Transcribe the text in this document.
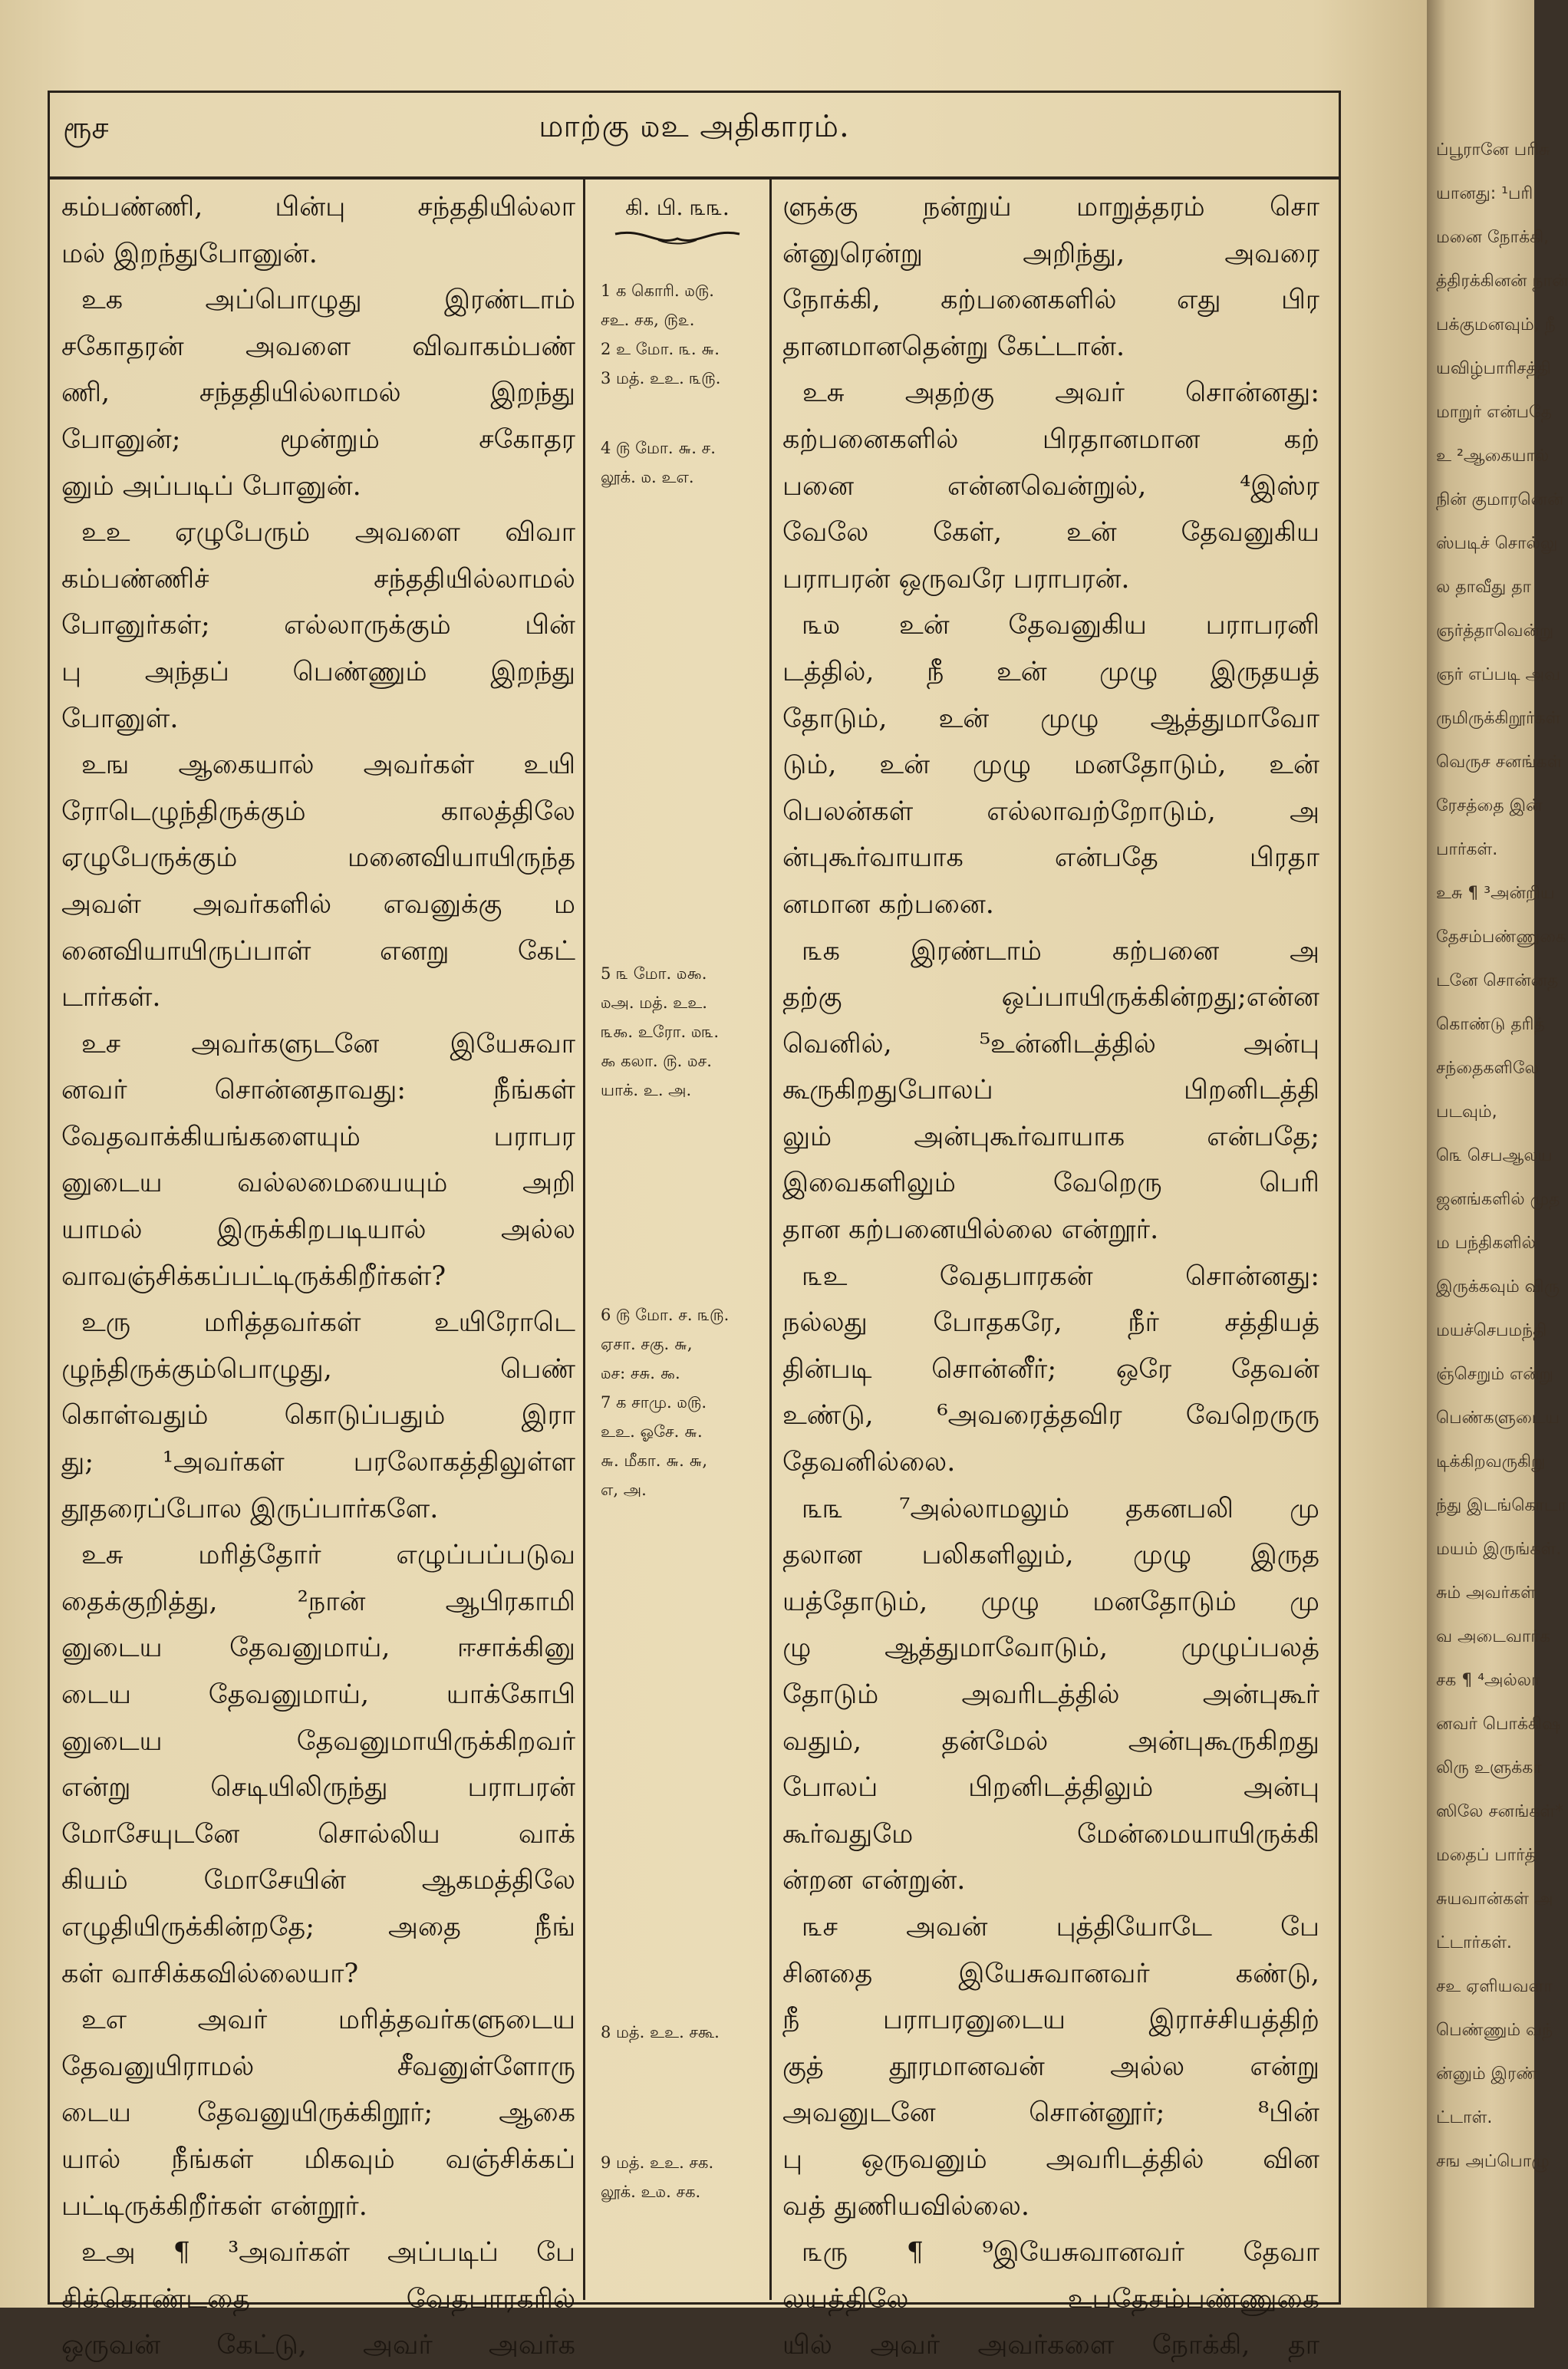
ரூச	மாற்கு ௰உ அதிகாரம்.
கம்பண்ணி, பின்பு சந்ததியில்லா
மல் இறந்துபோனுன்.
உக அப்பொழுது இரண்டாம்
சகோதரன் அவளை விவாகம்பண்
ணி, சந்ததியில்லாமல் இறந்து
போனுன்; மூன்றும் சகோதர
னும் அப்படிப் போனுன்.
உஉ ஏழுபேரும் அவளை விவா
கம்பண்ணிச் சந்ததியில்லாமல்
போனுர்கள்; எல்லாருக்கும் பின்
பு அந்தப் பெண்ணும் இறந்து
போனுள்.
உங ஆகையால் அவர்கள் உயி
ரோடெழுந்திருக்கும் காலத்திலே
ஏழுபேருக்கும் மனைவியாயிருந்த
அவள் அவர்களில் எவனுக்கு ம
னைவியாயிருப்பாள் எனறு கேட்
டார்கள்.
உச அவர்களுடனே இயேசுவா
னவர் சொன்னதாவது: நீங்கள்
வேதவாக்கியங்களையும் பராபர
னுடைய வல்லமையையும் அறி
யாமல் இருக்கிறபடியால் அல்ல
வாவஞ்சிக்கப்பட்டிருக்கிறீர்கள்?
உரு மரித்தவர்கள் உயிரோடெ
ழுந்திருக்கும்பொழுது, பெண்
கொள்வதும் கொடுப்பதும் இரா
து; ¹அவர்கள் பரலோகத்திலுள்ள
தூதரைப்போல இருப்பார்களே.
உசு மரித்தோர் எழுப்பப்படுவ
தைக்குறித்து, ²நான் ஆபிரகாமி
னுடைய தேவனுமாய், ஈசாக்கினு
டைய தேவனுமாய், யாக்கோபி
னுடைய தேவனுமாயிருக்கிறவர்
என்று செடியிலிருந்து பராபரன்
மோசேயுடனே சொல்லிய வாக்
கியம் மோசேயின் ஆகமத்திலே
எழுதியிருக்கின்றதே; அதை நீங்
கள் வாசிக்கவில்லையா?
உஎ அவர் மரித்தவர்களுடைய
தேவனுயிராமல் சீவனுள்ளோரு
டைய தேவனுயிருக்கிறூர்; ஆகை
யால் நீங்கள் மிகவும் வஞ்சிக்கப்
பட்டிருக்கிறீர்கள் என்றூர்.
உஅ ¶ ³அவர்கள் அப்படிப் பே
சிக்கொண்டதை வேதபாரகரில்
ஒருவன் கேட்டு, அவர் அவர்க
கி. பி. ௩௩.
1 க கொரி. ௰௫.
சஉ. சக, ௫௨.
2 உ மோ. ௩. ௬.
3 மத். உஉ. ௩௫.
4 ௫ மோ. ௬. ச.
லூக். ௰. உஎ.
5 ௩ மோ. ௰௯.
௰அ. மத். உஉ.
௩௯. உரோ. ௰௩.
௯ கலா. ௫. ௰ச.
யாக். உ. அ.
6 ௫ மோ. ச. ௩௫.
ஏசா. சகு. ௬,
௰ச: சசு. ௯.
7 க சாமு. ௰௫.
உஉ. ஓசே. ௬.
௬. மீகா. ௬. ௬,
எ, அ.
8 மத். உஉ. சகூ.
9 மத். உஉ. சக.
லூக். உ௰. சக.
ளுக்கு நன்றுய் மாறுத்தரம் சொ
ன்னுரென்று அறிந்து, அவரை
நோக்கி, கற்பனைகளில் எது பிர
தானமானதென்று கேட்டான்.
உசு அதற்கு அவர் சொன்னது:
கற்பனைகளில் பிரதானமான கற்
பனை என்னவென்றுல், ⁴இஸ்ர
வேலே கேள், உன் தேவனுகிய
பராபரன் ஒருவரே பராபரன்.
௩௰ உன் தேவனுகிய பராபரனி
டத்தில், நீ உன் முழு இருதயத்
தோடும், உன் முழு ஆத்துமாவோ
டும், உன் முழு மனதோடும், உன்
பெலன்கள் எல்லாவற்றோடும், அ
ன்புகூர்வாயாக என்பதே பிரதா
னமான கற்பனை.
௩க இரண்டாம் கற்பனை அ
தற்கு ஒப்பாயிருக்கின்றது;என்ன
வெனில், ⁵உன்னிடத்தில் அன்பு
கூருகிறதுபோலப் பிறனிடத்தி
லும் அன்புகூர்வாயாக என்பதே;
இவைகளிலும் வேறெரு பெரி
தான கற்பனையில்லை என்றூர்.
௩உ வேதபாரகன் சொன்னது:
நல்லது போதகரே, நீர் சத்தியத்
தின்படி சொன்னீர்; ஒரே தேவன்
உண்டு, ⁶அவரைத்தவிர வேறெருரு
தேவனில்லை.
௩௩ ⁷அல்லாமலும் தகனபலி மு
தலான பலிகளிலும், முழு இருத
யத்தோடும், முழு மனதோடும் மு
ழு ஆத்துமாவோடும், முழுப்பலத்
தோடும் அவரிடத்தில் அன்புகூர்
வதும், தன்மேல் அன்புகூருகிறது
போலப் பிறனிடத்திலும் அன்பு
கூர்வதுமே மேன்மையாயிருக்கி
ன்றன என்றுன்.
௩ச அவன் புத்தியோடே பே
சினதை இயேசுவானவர் கண்டு,
நீ பராபரனுடைய இராச்சியத்திற்
குத் தூரமானவன் அல்ல என்று
அவனுடனே சொன்னூர்; ⁸பின்
பு ஒருவனும் அவரிடத்தில் வின
வத் துணியவில்லை.
௩ரு ¶ ⁹இயேசுவானவர் தேவா
லயத்திலே உபதேசம்பண்ணுகை
யில் அவர் அவர்களை நோக்கி, தா
ப்பூரானே பரிசு
யானது: ¹பரி
மனை நோக்கி,
த்திரக்கினன் நான்
பக்குமனவும், நீ
யவிழ்பாரிசத்தி
மாறுர் என்பதே
உ ²ஆகையால்
நின் குமாரனென்
ஸ்படிச் சொல்லு
ல தாவீது தா
ஞர்த்தாவென்று
ஞர் எப்படி அவ
ருமிருக்கிறூர்கள்
வெருச சனங்கள்
ரேசத்தை இன்
பார்கள்.
உசு ¶ ³அன்றிய
தேசம்பண்ணுகை
டனே சொன்னத
கொண்டு தரித்
சந்தைகளிலே
படவும்,
௩ெ செபஆலய
ஜனங்களில் முத
ம பந்திகளில்
இருக்கவும் விரு
மயச்செபமந்தி
ஞ்செறும் என்று
பெண்களுடைய
டிக்கிறவருகிறு
ந்து இடங்கொடா
மயம் இருங்கள்.
சும் அவர்கள்
வ அடைவார்க
சக ¶ ⁴அல்லா
னவர் பொக்கிஷ
லிரு உளுக்கா
ஸிலே சனங்கள்*
மதைப் பார்த்
சுயவான்கள் அ
ட்டார்கள்.
சஉ ஏளியவளா
பெண்ணும் வந்
ன்னும் இரண்
ட்டாள்.
சங அப்பொழு
